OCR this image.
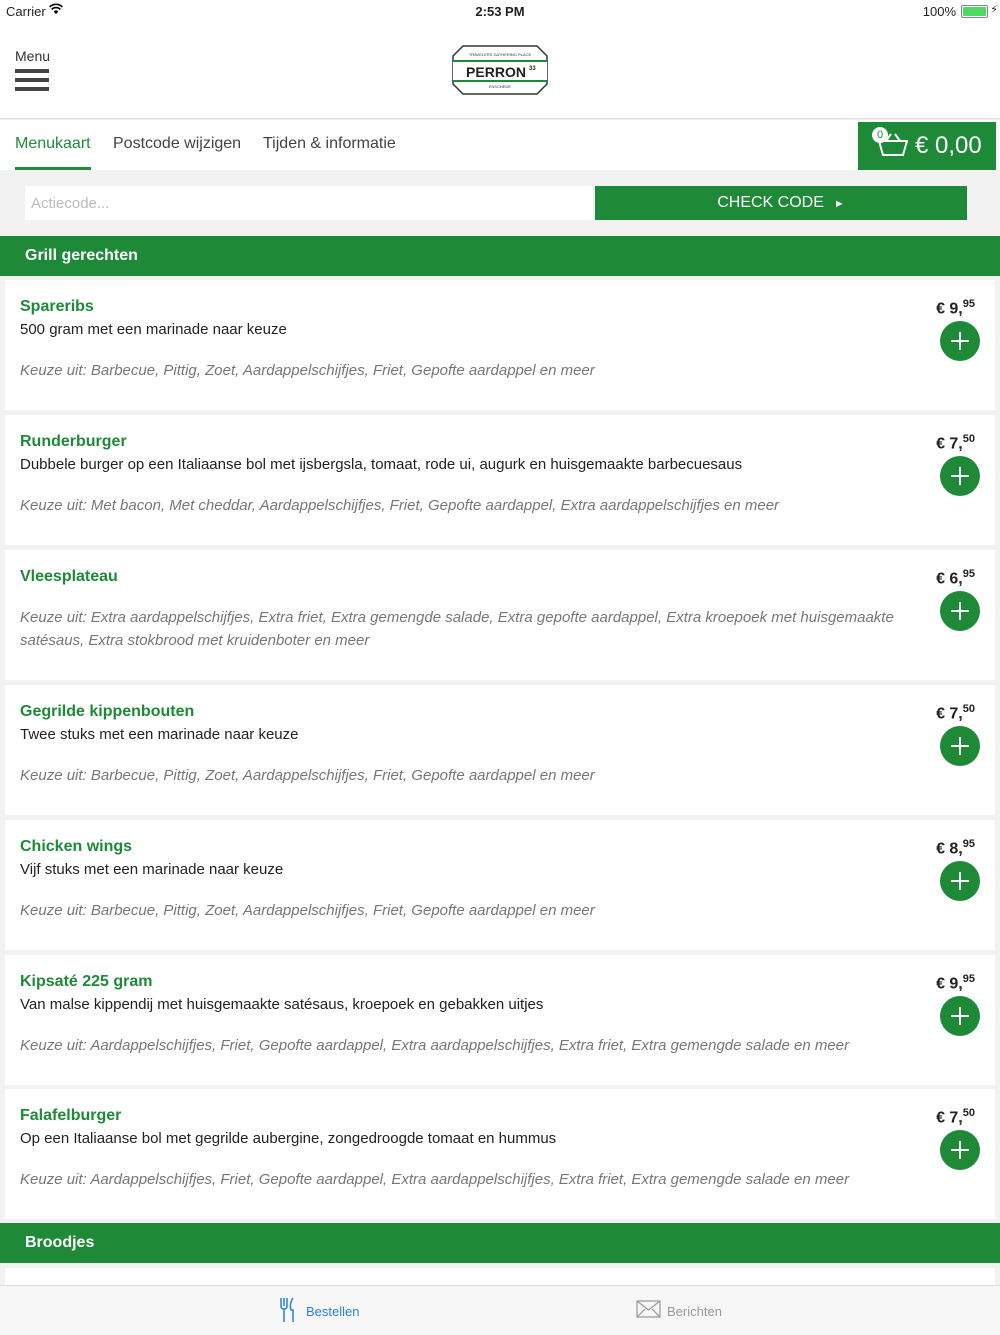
Carrier	2:53 PM	100%	⚡
Menu	TRAVELERS GATHERING PLACE
PERRON 33
ENSCHEDE
Menukaart Postcode wijzigen Tijden & informatie	0 € 0,00
Actiecode...
CHECK CODE ►
Grill gerechten
Spareribs
500 gram met een marinade naar keuze
Keuze uit: Barbecue, Pittig, Zoet, Aardappelschijfjes, Friet, Gepofte aardappel en meer
€ 9,95
Runderburger
Dubbele burger op een Italiaanse bol met ijsbergsla, tomaat, rode ui, augurk en huisgemaakte barbecuesaus
Keuze uit: Met bacon, Met cheddar, Aardappelschijfjes, Friet, Gepofte aardappel, Extra aardappelschijfjes en meer
€ 7,50
Vleesplateau
Keuze uit: Extra aardappelschijfjes, Extra friet, Extra gemengde salade, Extra gepofte aardappel, Extra kroepoek met huisgemaakte satésaus, Extra stokbrood met kruidenboter en meer
€ 6,95
Gegrilde kippenbouten
Twee stuks met een marinade naar keuze
Keuze uit: Barbecue, Pittig, Zoet, Aardappelschijfjes, Friet, Gepofte aardappel en meer
€ 7,50
Chicken wings
Vijf stuks met een marinade naar keuze
Keuze uit: Barbecue, Pittig, Zoet, Aardappelschijfjes, Friet, Gepofte aardappel en meer
€ 8,95
Kipsaté 225 gram
Van malse kippendij met huisgemaakte satésaus, kroepoek en gebakken uitjes
Keuze uit: Aardappelschijfjes, Friet, Gepofte aardappel, Extra aardappelschijfjes, Extra friet, Extra gemengde salade en meer
€ 9,95
Falafelburger
Op een Italiaanse bol met gegrilde aubergine, zongedroogde tomaat en hummus
Keuze uit: Aardappelschijfjes, Friet, Gepofte aardappel, Extra aardappelschijfjes, Extra friet, Extra gemengde salade en meer
€ 7,50
Broodjes
Bestellen	Berichten
